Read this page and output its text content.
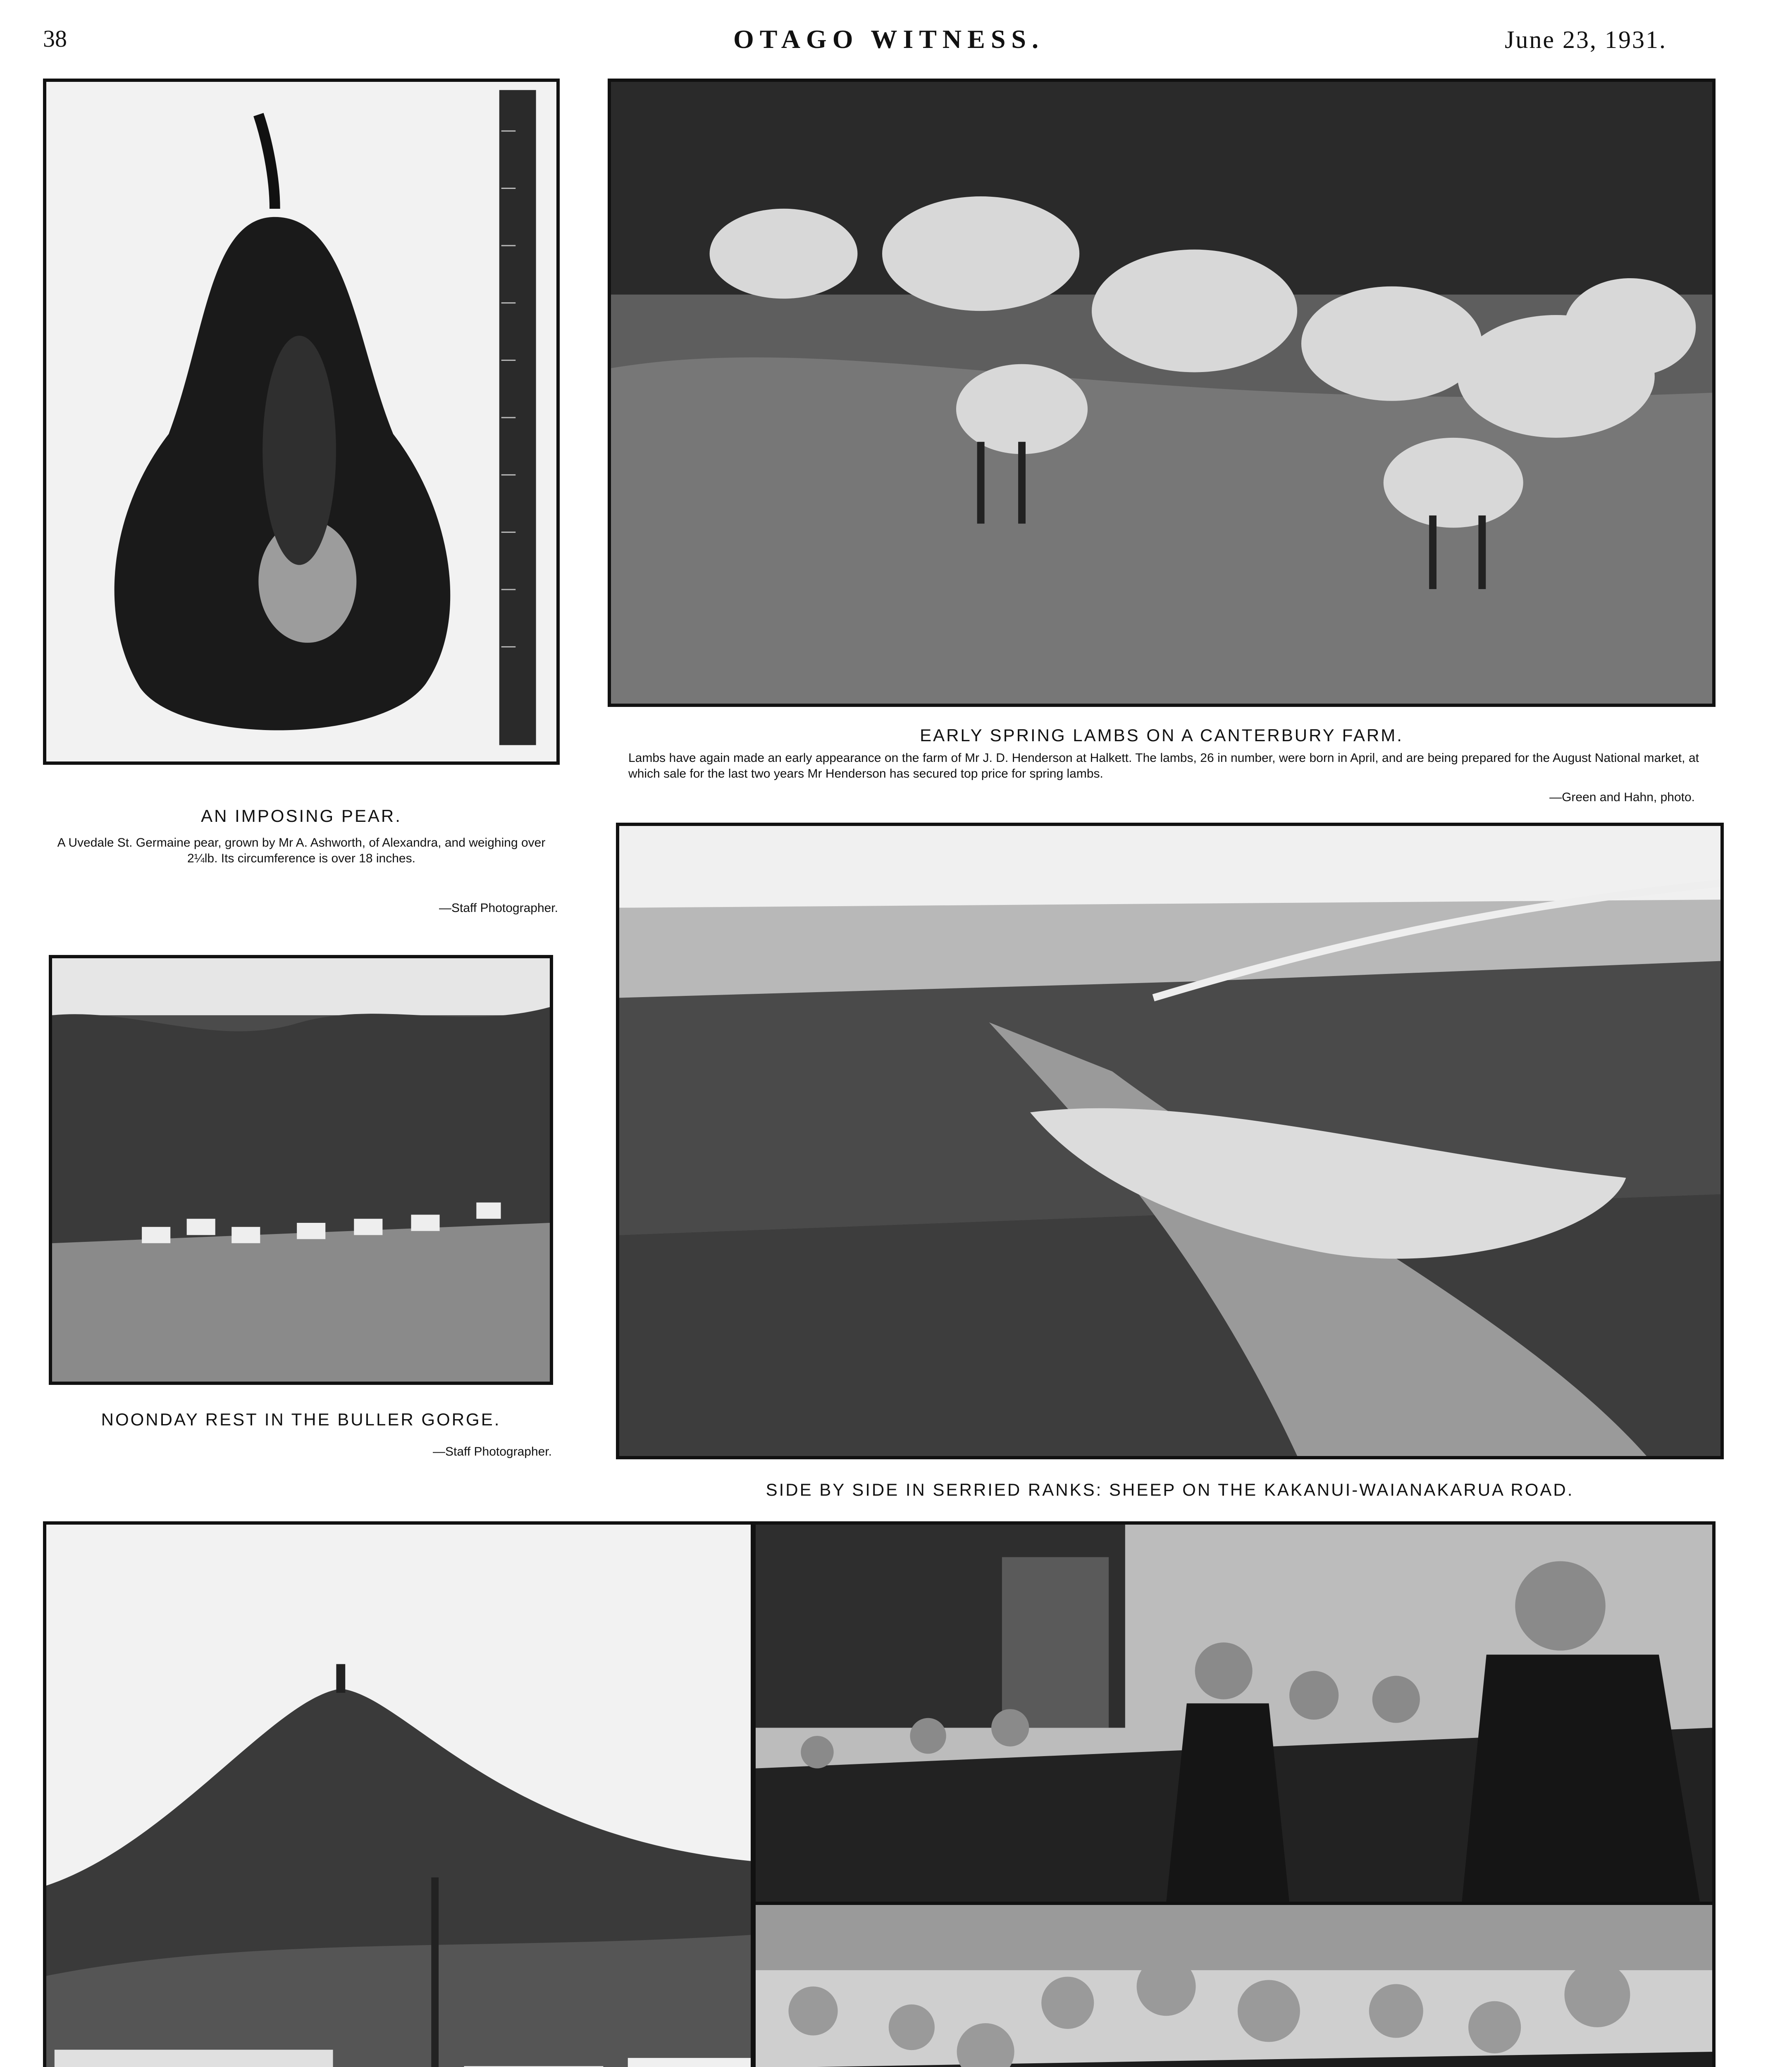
38	OTAGO WITNESS.	June 23, 1931.
AN IMPOSING PEAR.
A Uvedale St. Germaine pear, grown by Mr A. Ashworth, of Alexandra, and weighing over 2¼lb. Its circumference is over 18 inches.
—Staff Photographer.
EARLY SPRING LAMBS ON A CANTERBURY FARM.
Lambs have again made an early appearance on the farm of Mr J. D. Henderson at Halkett. The lambs, 26 in number, were born in April, and are being prepared for the August National market, at which sale for the last two years Mr Henderson has secured top price for spring lambs.
—Green and Hahn, photo.
NOONDAY REST IN THE BULLER GORGE.
—Staff Photographer.
SIDE BY SIDE IN SERRIED RANKS: SHEEP ON THE KAKANUI-WAIANAKARUA ROAD.
